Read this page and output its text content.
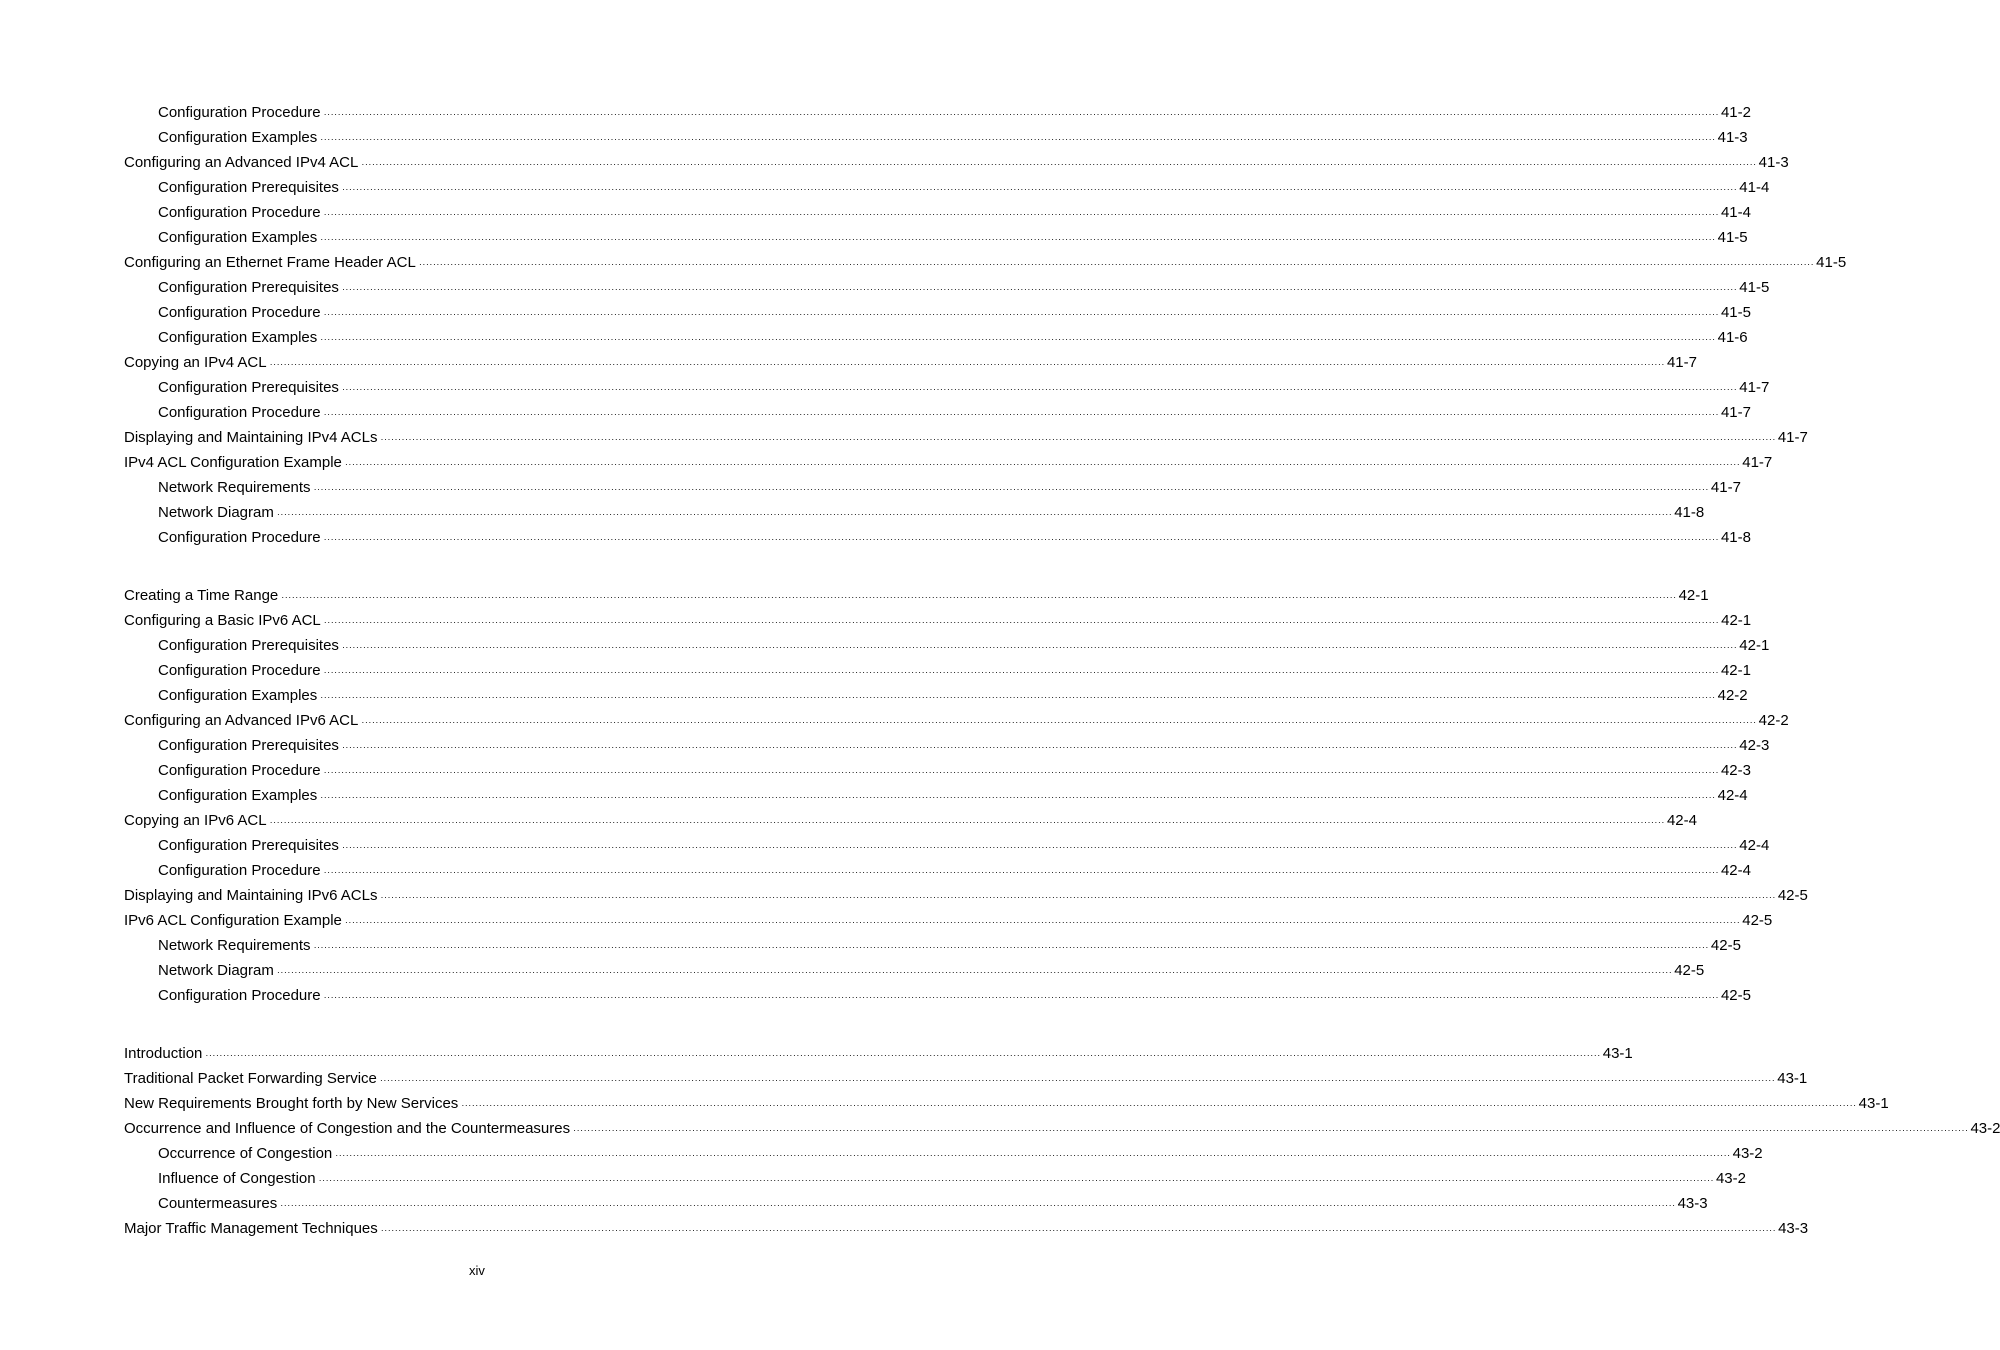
Configuration Procedure ··············································································································································································································································································································································································································· 41-2
Configuration Examples ··············································································································································································································································································································································································································· 41-3
Configuring an Advanced IPv4 ACL ··············································································································································································································································································································································································································· 41-3
Configuration Prerequisites ··············································································································································································································································································································································································································· 41-4
Configuration Procedure ··············································································································································································································································································································································································································· 41-4
Configuration Examples ··············································································································································································································································································································································································································· 41-5
Configuring an Ethernet Frame Header ACL ··············································································································································································································································································································································································································· 41-5
Configuration Prerequisites ··············································································································································································································································································································································································································· 41-5
Configuration Procedure ··············································································································································································································································································································································································································· 41-5
Configuration Examples ··············································································································································································································································································································································································································· 41-6
Copying an IPv4 ACL ··············································································································································································································································································································································································································· 41-7
Configuration Prerequisites ··············································································································································································································································································································································································································· 41-7
Configuration Procedure ··············································································································································································································································································································································································································· 41-7
Displaying and Maintaining IPv4 ACLs ··············································································································································································································································································································································································································· 41-7
IPv4 ACL Configuration Example ··············································································································································································································································································································································································································· 41-7
Network Requirements ··············································································································································································································································································································································································································· 41-7
Network Diagram ··············································································································································································································································································································································································································· 41-8
Configuration Procedure ··············································································································································································································································································································································································································· 41-8
Creating a Time Range ··············································································································································································································································································································································································································· 42-1
Configuring a Basic IPv6 ACL ··············································································································································································································································································································································································································· 42-1
Configuration Prerequisites ··············································································································································································································································································································································································································· 42-1
Configuration Procedure ··············································································································································································································································································································································································································· 42-1
Configuration Examples ··············································································································································································································································································································································································································· 42-2
Configuring an Advanced IPv6 ACL ··············································································································································································································································································································································································································· 42-2
Configuration Prerequisites ··············································································································································································································································································································································································································· 42-3
Configuration Procedure ··············································································································································································································································································································································································································· 42-3
Configuration Examples ··············································································································································································································································································································································································································· 42-4
Copying an IPv6 ACL ··············································································································································································································································································································································································································· 42-4
Configuration Prerequisites ··············································································································································································································································································································································································································· 42-4
Configuration Procedure ··············································································································································································································································································································································································································· 42-4
Displaying and Maintaining IPv6 ACLs ··············································································································································································································································································································································································································· 42-5
IPv6 ACL Configuration Example ··············································································································································································································································································································································································································· 42-5
Network Requirements ··············································································································································································································································································································································································································· 42-5
Network Diagram ··············································································································································································································································································································································································································· 42-5
Configuration Procedure ··············································································································································································································································································································································································································· 42-5
Introduction ··············································································································································································································································································································································································································· 43-1
Traditional Packet Forwarding Service ··············································································································································································································································································································································································································· 43-1
New Requirements Brought forth by New Services ··············································································································································································································································································································································································································· 43-1
Occurrence and Influence of Congestion and the Countermeasures ··············································································································································································································································································································································································································· 43-2
Occurrence of Congestion ··············································································································································································································································································································································································································· 43-2
Influence of Congestion ··············································································································································································································································································································································································································· 43-2
Countermeasures ··············································································································································································································································································································································································································· 43-3
Major Traffic Management Techniques ··············································································································································································································································································································································································································· 43-3
xiv
